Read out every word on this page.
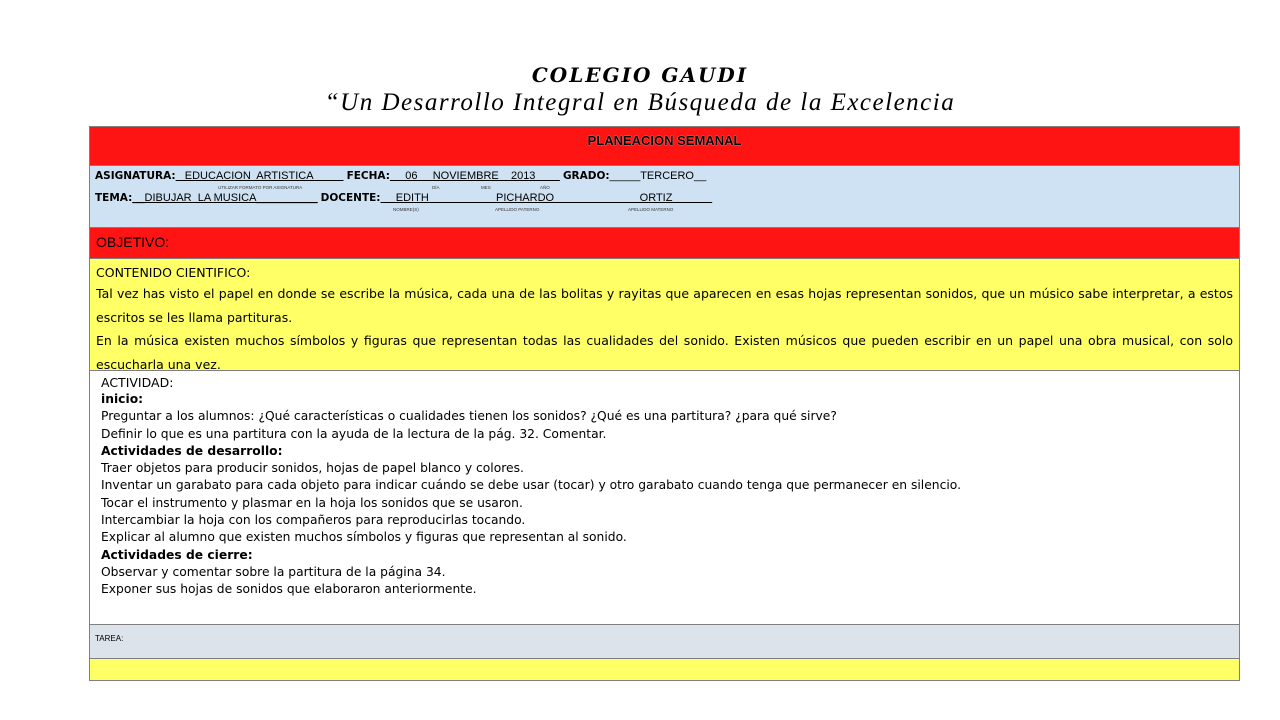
COLEGIO GAUDI
“Un Desarrollo Integral en Búsqueda de la Excelencia
PLANEACION SEMANAL
ASIGNATURA:   EDUCACION  ARTISTICA           FECHA:     06     NOVIEMBRE    2013         GRADO:_____TERCERO__
UTILIZAR FORMATO POR ASIGNATURA	DÍA	MES	AÑO
TEMA:__DIBUJAR  LA MUSICA__________ DOCENTE:     EDITH                      PICHARDO                            ORTIZ
NOMBRE(S)	APELLIDO PATERNO	APELLIDO MATERNO
OBJETIVO:
CONTENIDO CIENTIFICO:

Tal vez has visto el papel en donde se escribe la música, cada una de las bolitas y rayitas que aparecen en esas hojas representan sonidos, que un músico sabe interpretar, a estos escritos se les llama partituras.

En la música existen muchos símbolos y figuras que representan todas las cualidades del sonido. Existen músicos que pueden escribir en un papel una obra musical, con solo escucharla una vez.

ACTIVIDAD:
inicio:
Preguntar a los alumnos: ¿Qué características o cualidades tienen los sonidos? ¿Qué es una partitura? ¿para qué sirve?
Definir lo que es una partitura con la ayuda de la lectura de la pág. 32. Comentar.
Actividades de desarrollo:
Traer objetos para producir sonidos, hojas de papel blanco y colores.
Inventar un garabato para cada objeto para indicar cuándo se debe usar (tocar) y otro garabato cuando tenga que permanecer en silencio.
Tocar el instrumento y plasmar en la hoja los sonidos que se usaron.
Intercambiar la hoja con los compañeros para reproducirlas tocando.
Explicar al alumno que existen muchos símbolos y figuras que representan al sonido.
Actividades de cierre:
Observar y comentar sobre la partitura de la página 34.
Exponer sus hojas de sonidos que elaboraron anteriormente.
TAREA:
